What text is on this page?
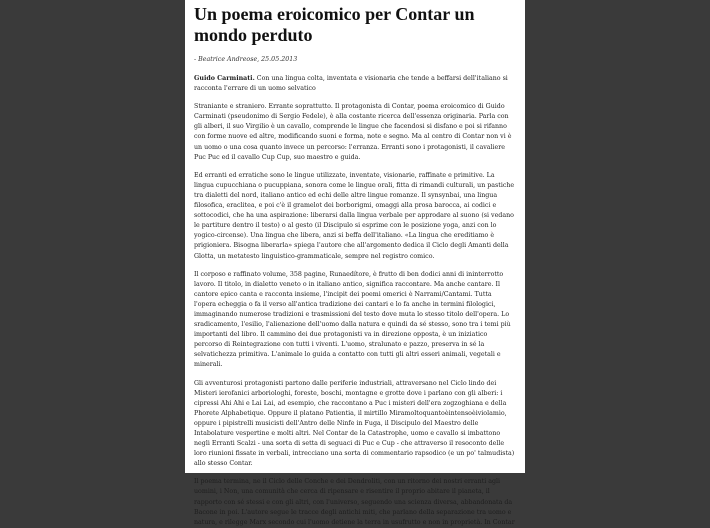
Un poema eroicomico per Contar un mondo perduto
- Beatrice Andreose, 25.05.2013

Guido Carminati. Con una lingua colta, inventata e visionaria che tende a beffarsi dell'italiano si racconta l'errare di un uomo selvatico

Straniante e straniero. Errante soprattutto. Il protagonista di Contar, poema eroicomico di Guido Carminati (pseudonimo di Sergio Fedele), è alla costante ricerca dell'essenza originaria. Parla con gli alberi, il suo Virgilio è un cavallo, comprende le lingue che facendosi si disfano e poi si rifanno con forme nuove ed altre, modificando suoni e forma, note e segno. Ma al centro di Contar non vi è un uomo o una cosa quanto invece un percorso: l'erranza. Erranti sono i protagonisti, il cavaliere Puc Puc ed il cavallo Cup Cup, suo maestro e guida.

Ed erranti ed erratiche sono le lingue utilizzate, inventate, visionarie, raffinate e primitive. La lingua cupucchiana o pucuppiana, sonora come le lingue orali, fitta di rimandi culturali, un pastiche tra dialetti del nord, italiano antico ed echi delle altre lingue romanze. Il synsynbai, una lingua filosofica, eraclitea, e poi c'è il gramelot dei borborigmi, omaggi alla prosa barocca, ai codici e sottocodici, che ha una aspirazione: liberarsi dalla lingua verbale per approdare al suono (si vedano le partiture dentro il testo) o al gesto (il Discipulo si esprime con le posizione yoga, anzi con lo yogico-circense). Una lingua che libera, anzi si beffa dell'italiano. «La lingua che ereditiamo è prigioniera. Bisogna liberarla» spiega l'autore che all'argomento dedica il Ciclo degli Amanti della Glotta, un metatesto linguistico-grammaticale, sempre nel registro comico.

Il corposo e raffinato volume, 358 pagine, Runaedítore, è frutto di ben dodici anni di ininterrotto lavoro. Il titolo, in dialetto veneto o in italiano antico, significa raccontare. Ma anche cantare. Il cantore epico canta e racconta insieme, l'incipit dei poemi omerici è Narrami/Cantami. Tutta l'opera echeggia o fa il verso all'antica tradizione dei cantari e lo fa anche in termini filologici, immaginando numerose tradizioni e trasmissioni del testo dove muta lo stesso titolo dell'opera. Lo sradicamento, l'esilio, l'alienazione dell'uomo dalla natura e quindi da sé stesso, sono tra i temi più importanti del libro. Il cammino dei due protagonisti va in direzione opposta, è un iniziatico percorso di Reintegrazione con tutti i viventi. L'uomo, stralunato e pazzo, preserva in sé la selvatichezza primitiva. L'animale lo guida a contatto con tutti gli altri esseri animali, vegetali e minerali.

Gli avventurosi protagonisti partono dalle periferie industriali, attraversano nel Ciclo lindo dei Misteri ierofanici arboriologhi, foreste, boschi, montagne e grotte dove i parlano con gli alberi: i cipressi Ahi Ahi e Lai Lai, ad esempio, che raccontano a Puc i misteri dell'era zogzoghiana e della Phorete Alphabetique. Oppure il platano Patientia, il mirtillo Miramoltoquantoèintensoèiviolamio, oppure i pipistrelli musicisti dell'Antro delle Ninfe in Fuga, il Discipulo del Maestro delle Intabolature vespertine e molti altri. Nel Contar de la Catastrophe, uomo e cavallo si imbattono negli Erranti Scalzi - una sorta di setta di seguaci di Puc e Cup - che attraverso il resoconto delle loro riunioni fissate in verbali, intrecciano una sorta di commentario rapsodico (e un po' talmudista) allo stesso Contar.

Il poema termina, ne il Ciclo delle Conche e dei Dendroliti, con un ritorno dei nostri erranti agli uomini, i Non, una comunità che cerca di ripensare e risentire il proprio abitare il pianeta, il rapporto con sé stessi e con gli altri, con l'universo, seguendo una scienza diversa, abbandonata da Bacone in poi. L'autore segue le tracce degli antichi miti, che parlano della separazione tra uomo e natura, e rilegge Marx secondo cui l'uomo detiene la terra in usufrutto e non in proprietà. In Contar
